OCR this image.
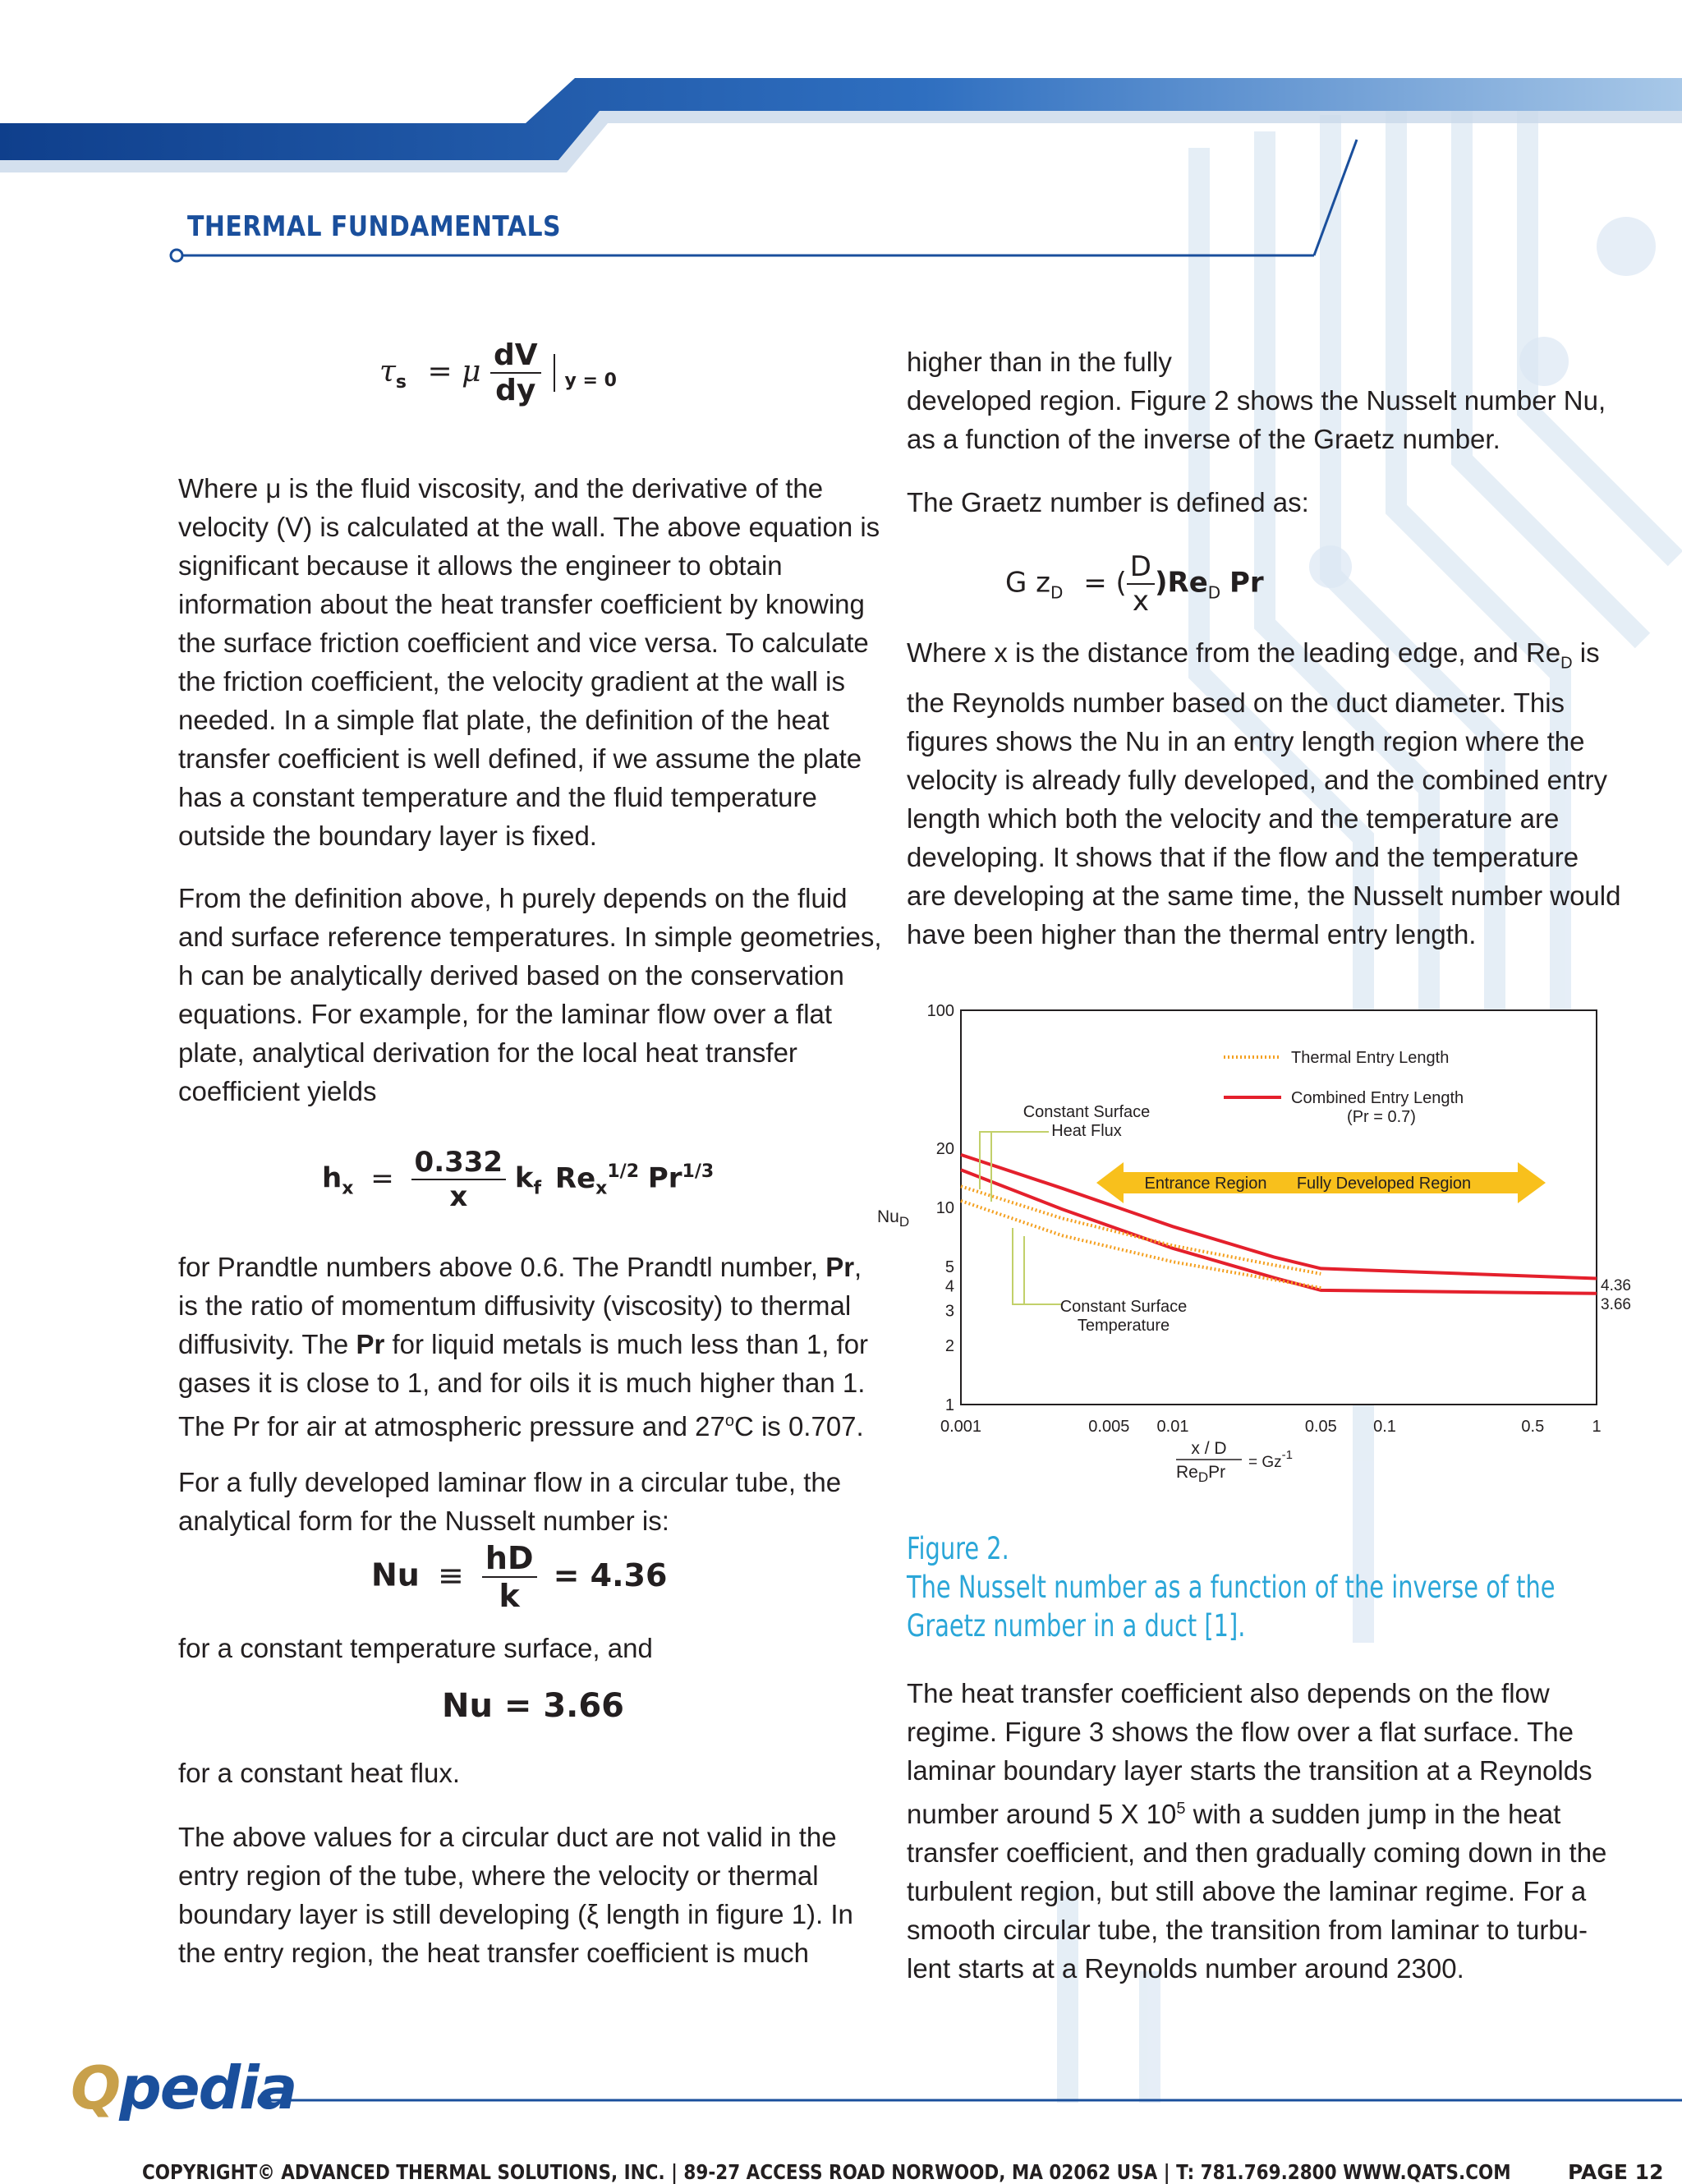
THERMAL FUNDAMENTALS
$\tau_s = \mu \frac{dV}{dy}$ y = 0

Where μ is the fluid viscosity, and the derivative of the velocity (V) is calculated at the wall. The above equation is significant because it allows the engineer to obtain information about the heat transfer coefficient by knowing the surface friction coefficient and vice versa. To calculate the friction coefficient, the velocity gradient at the wall is needed. In a simple flat plate, the definition of the heat transfer coefficient is well defined, if we assume the plate has a constant temperature and the fluid temperature outside the boundary layer is fixed.

From the definition above, h purely depends on the fluid and surface reference temperatures. In simple geometries, h can be analytically derived based on the conservation equations. For example, for the laminar flow over a flat plate, analytical derivation for the local heat transfer coefficient yields

$h_x = \frac{0.332}{x} k_f$ $Re_x^{1/2}$ $Pr^{1/3}$

for Prandtle numbers above 0.6. The Prandtl number, Pr, is the ratio of momentum diffusivity (viscosity) to thermal diffusivity. The Pr for liquid metals is much less than 1, for gases it is close to 1, and for oils it is much higher than 1. The Pr for air at atmospheric pressure and 27$^o$C is 0.707.

For a fully developed laminar flow in a circular tube, the analytical form for the Nusselt number is:

$Nu \equiv \frac{hD}{k} = 4.36$

for a constant temperature surface, and

Nu = 3.66

for a constant heat flux.

The above values for a circular duct are not valid in the entry region of the tube, where the velocity or thermal boundary layer is still developing (ξ length in figure 1). In the entry region, the heat transfer coefficient is much

higher than in the fully

developed region. Figure 2 shows the Nusselt number Nu, as a function of the inverse of the Graetz number.

The Graetz number is defined as:

G $z_D$ = ( $\frac{D}{x} )Re_D$ Pr

Where x is the distance from the leading edge, and $Re_D$ is the Reynolds number based on the duct diameter. This figures shows the Nu in an entry length region where the velocity is already fully developed, and the combined entry length which both the velocity and the temperature are developing. It shows that if the flow and the temperature are developing at the same time, the Nusselt number would have been higher than the thermal entry length.

1
2
3
4
5
10
20
100
0.001	0.005 0.01	0.05 0.1	0.5	1
$Nu_D$
x / D
$Re_DPr$
= $Gz^{-1}$
Thermal Entry Length
Combined Entry Length
(Pr = 0.7)
Constant Surface
Heat Flux
Constant Surface
Temperature
Entrance Region Fully Developed Region
4.36
3.66
Figure 2.
The Nusselt number as a function of the inverse of the Graetz number in a duct [1].

The heat transfer coefficient also depends on the flow regime. Figure 3 shows the flow over a flat surface. The laminar boundary layer starts the transition at a Reynolds number around 5 X $10^5$ with a sudden jump in the heat transfer coefficient, and then gradually coming down in the turbulent region, but still above the laminar regime. For a smooth circular tube, the transition from laminar to turbu-
lent starts at a Reynolds number around 2300.

Qpedia
COPYRIGHT© ADVANCED THERMAL SOLUTIONS, INC. | 89-27 ACCESS ROAD NORWOOD, MA 02062 USA | T: 781.769.2800 WWW.QATS.COM	PAGE 12
